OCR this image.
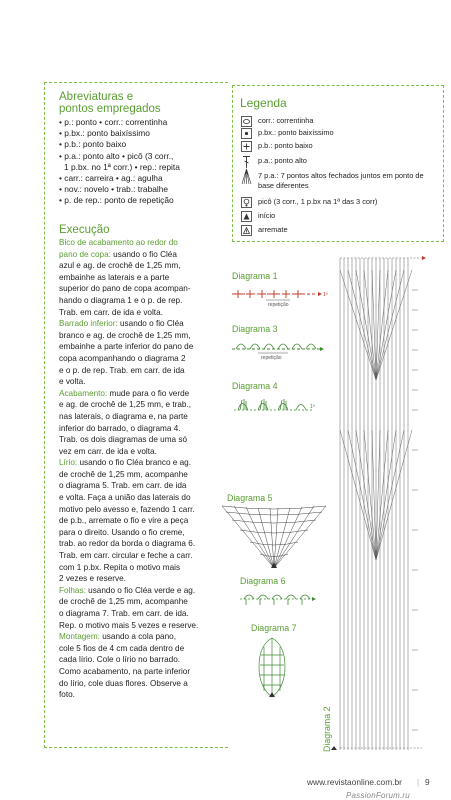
Abreviaturas e
pontos empregados
• p.: ponto • corr.: correntinha
• p.bx.: ponto baixíssimo
• p.b.: ponto baixo
• p.a.: ponto alto • picô (3 corr.,
1 p.bx. no 1ª corr.) • rep.: repita
• carr.: carreira • ag.: agulha
• nov.: novelo • trab.: trabalhe
• p. de rep.: ponto de repetição
Execução
Bico de acabamento ao redor do
pano de copa: usando o fio Cléa
azul e ag. de crochê de 1,25 mm,
embainhe as laterais e a parte
superior do pano de copa acompan-
hando o diagrama 1 e o p. de rep.
Trab. em carr. de ida e volta.
Barrado inferior: usando o fio Cléa
branco e ag. de crochê de 1,25 mm,
embainhe a parte inferior do pano de
copa acompanhando o diagrama 2
e o p. de rep. Trab. em carr. de ida
e volta.
Acabamento: mude para o fio verde
e ag. de crochê de 1,25 mm, e trab.,
nas laterais, o diagrama e, na parte
inferior do barrado, o diagrama 4.
Trab. os dois diagramas de uma só
vez em carr. de ida e volta.
Lírio: usando o fio Cléa branco e ag.
de crochê de 1,25 mm, acompanhe
o diagrama 5. Trab. em carr. de ida
e volta. Faça a união das laterais do
motivo pelo avesso e, fazendo 1 carr.
de p.b., arremate o fio e vire a peça
para o direito. Usando o fio creme,
trab. ao redor da borda o diagrama 6.
Trab. em carr. circular e feche a carr.
com 1 p.bx. Repita o motivo mais
2 vezes e reserve.
Folhas: usando o fio Cléa verde e ag.
de crochê de 1,25 mm, acompanhe
o diagrama 7. Trab. em carr. de ida.
Rep. o motivo mais 5 vezes e reserve.
Montagem: usando a cola pano,
cole 5 fios de 4 cm cada dentro de
cada lírio. Cole o lírio no barrado.
Como acabamento, na parte inferior
do lírio, cole duas flores. Observe a
foto.
Legenda
corr.: correntinha
p.bx.: ponto baixíssimo
p.b.: ponto baixo
p.a.: ponto alto
7 p.a.: 7 pontos altos fechados juntos em ponto de base diferentes
picô (3 corr., 1 p.bx na 1ª das 3 corr)
início
arremate
Diagrama 1
Diagrama 3
Diagrama 4
Diagrama 5
Diagrama 6
Diagrama 7
Diagrama 2
1ª
repetição
repetição
1ª
www.revistaonline.com.br | 9
PassionForum.ru
